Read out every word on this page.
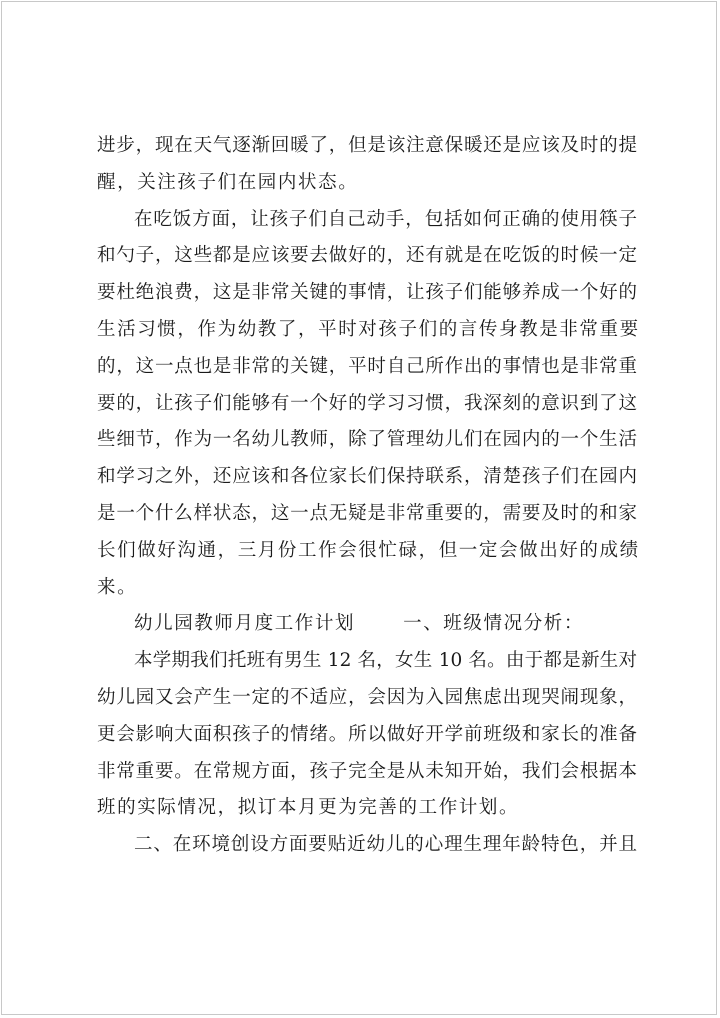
进步，现在天气逐渐回暖了，但是该注意保暖还是应该及时的提
醒，关注孩子们在园内状态。
在吃饭方面，让孩子们自己动手，包括如何正确的使用筷子
和勺子，这些都是应该要去做好的，还有就是在吃饭的时候一定
要杜绝浪费，这是非常关键的事情，让孩子们能够养成一个好的
生活习惯，作为幼教了，平时对孩子们的言传身教是非常重要
的，这一点也是非常的关键，平时自己所作出的事情也是非常重
要的，让孩子们能够有一个好的学习习惯，我深刻的意识到了这
些细节，作为一名幼儿教师，除了管理幼儿们在园内的一个生活
和学习之外，还应该和各位家长们保持联系，清楚孩子们在园内
是一个什么样状态，这一点无疑是非常重要的，需要及时的和家
长们做好沟通，三月份工作会很忙碌，但一定会做出好的成绩
来。
幼儿园教师月度工作计划	一、班级情况分析：
本学期我们托班有男生 12 名，女生 10 名。由于都是新生对
幼儿园又会产生一定的不适应，会因为入园焦虑出现哭闹现象，
更会影响大面积孩子的情绪。所以做好开学前班级和家长的准备
非常重要。在常规方面，孩子完全是从未知开始，我们会根据本
班的实际情况，拟订本月更为完善的工作计划。
二、在环境创设方面要贴近幼儿的心理生理年龄特色，并且
